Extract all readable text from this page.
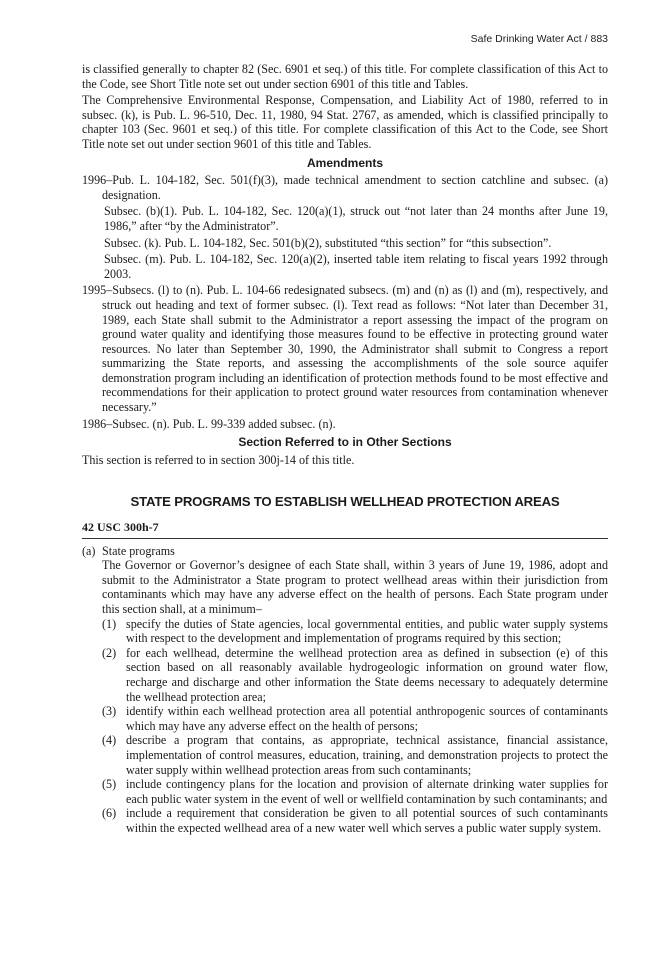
Safe Drinking Water Act / 883

is classified generally to chapter 82 (Sec. 6901 et seq.) of this title. For complete classification of this Act to the Code, see Short Title note set out under section 6901 of this title and Tables.

The Comprehensive Environmental Response, Compensation, and Liability Act of 1980, referred to in subsec. (k), is Pub. L. 96-510, Dec. 11, 1980, 94 Stat. 2767, as amended, which is classified principally to chapter 103 (Sec. 9601 et seq.) of this title. For complete classification of this Act to the Code, see Short Title note set out under section 9601 of this title and Tables.

Amendments

1996–Pub. L. 104-182, Sec. 501(f)(3), made technical amendment to section catchline and subsec. (a) designation.

Subsec. (b)(1). Pub. L. 104-182, Sec. 120(a)(1), struck out “not later than 24 months after June 19, 1986,” after “by the Administrator”.

Subsec. (k). Pub. L. 104-182, Sec. 501(b)(2), substituted “this section” for “this subsection”.

Subsec. (m). Pub. L. 104-182, Sec. 120(a)(2), inserted table item relating to fiscal years 1992 through 2003.

1995–Subsecs. (l) to (n). Pub. L. 104-66 redesignated subsecs. (m) and (n) as (l) and (m), respectively, and struck out heading and text of former subsec. (l). Text read as follows: “Not later than December 31, 1989, each State shall submit to the Administrator a report assessing the impact of the program on ground water quality and identifying those measures found to be effective in protecting ground water resources. No later than September 30, 1990, the Administrator shall submit to Congress a report summarizing the State reports, and assessing the accomplishments of the sole source aquifer demonstration program including an identification of protection methods found to be most effective and recommendations for their application to protect ground water resources from contamination whenever necessary.”

1986–Subsec. (n). Pub. L. 99-339 added subsec. (n).

Section Referred to in Other Sections

This section is referred to in section 300j-14 of this title.

STATE PROGRAMS TO ESTABLISH WELLHEAD PROTECTION AREAS
42 USC 300h-7
(a) State programs

The Governor or Governor’s designee of each State shall, within 3 years of June 19, 1986, adopt and submit to the Administrator a State program to protect wellhead areas within their jurisdiction from contaminants which may have any adverse effect on the health of persons. Each State program under this section shall, at a minimum–

(1) specify the duties of State agencies, local governmental entities, and public water supply systems with respect to the development and implementation of programs required by this section;
(2) for each wellhead, determine the wellhead protection area as defined in subsection (e) of this section based on all reasonably available hydrogeologic information on ground water flow, recharge and discharge and other information the State deems necessary to adequately determine the wellhead protection area;
(3) identify within each wellhead protection area all potential anthropogenic sources of contaminants which may have any adverse effect on the health of persons;
(4) describe a program that contains, as appropriate, technical assistance, financial assistance, implementation of control measures, education, training, and demonstration projects to protect the water supply within wellhead protection areas from such contaminants;
(5) include contingency plans for the location and provision of alternate drinking water supplies for each public water system in the event of well or wellfield contamination by such contaminants; and
(6) include a requirement that consideration be given to all potential sources of such contaminants within the expected wellhead area of a new water well which serves a public water supply system.
